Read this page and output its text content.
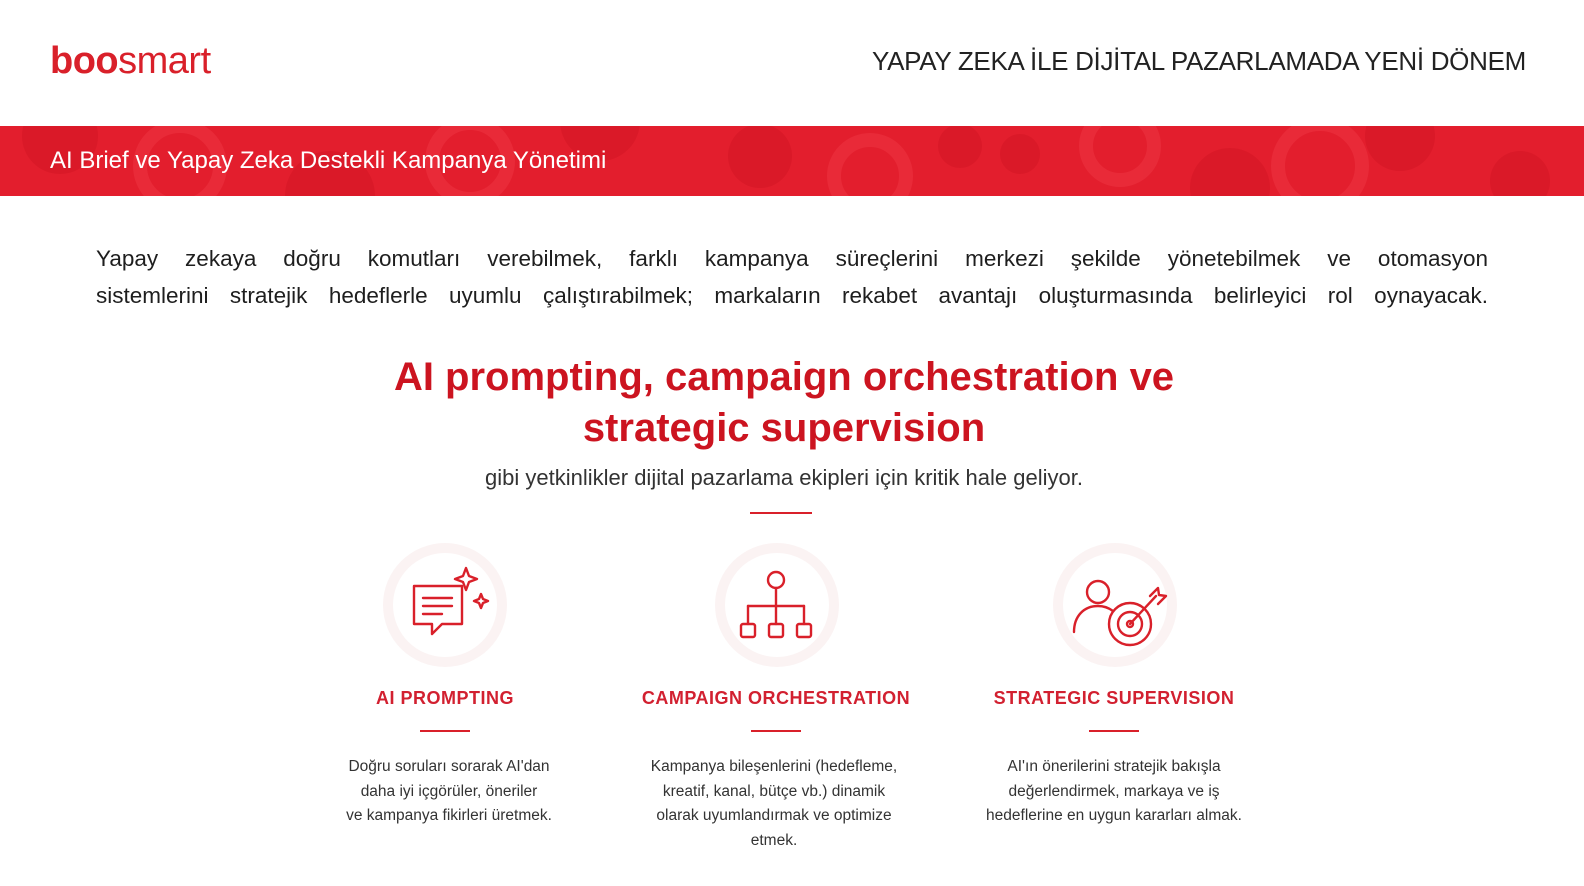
boosmart	YAPAY ZEKA İLE DİJİTAL PAZARLAMADA YENİ DÖNEM
AI Brief ve Yapay Zeka Destekli Kampanya Yönetimi
Yapay zekaya doğru komutları verebilmek, farklı kampanya süreçlerini merkezi şekilde yönetebilmek ve otomasyon
sistemlerini stratejik hedeflerle uyumlu çalıştırabilmek; markaların rekabet avantajı oluşturmasında belirleyici rol oynayacak.
AI prompting, campaign orchestration ve
strategic supervision
gibi yetkinlikler dijital pazarlama ekipleri için kritik hale geliyor.
AI PROMPTING
Doğru soruları sorarak AI'dan
daha iyi içgörüler, öneriler
ve kampanya fikirleri üretmek.
CAMPAIGN ORCHESTRATION
Kampanya bileşenlerini (hedefleme,
kreatif, kanal, bütçe vb.) dinamik
olarak uyumlandırmak ve optimize
etmek.
STRATEGIC SUPERVISION
AI'ın önerilerini stratejik bakışla
değerlendirmek, markaya ve iş
hedeflerine en uygun kararları almak.
